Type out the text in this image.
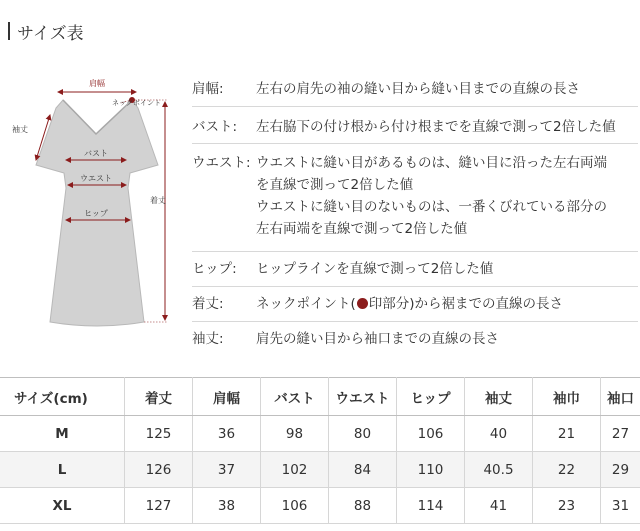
サイズ表
肩幅
ネックポイント
袖丈
着丈
バスト
ウエスト
ヒップ
肩幅: 左右の肩先の袖の縫い目から縫い目までの直線の長さ
バスト: 左右脇下の付け根から付け根までを直線で測って2倍した値
ウエスト: ウエストに縫い目があるものは、縫い目に沿った左右両端
を直線で測って2倍した値
ウエストに縫い目のないものは、一番くびれている部分の
左右両端を直線で測って2倍した値
ヒップ: ヒップラインを直線で測って2倍した値
着丈: ネックポイント( 印部分)から裾までの直線の長さ
袖丈: 肩先の縫い目から袖口までの直線の長さ
サイズ(cm)	着丈	肩幅	バスト	ウエスト	ヒップ	袖丈	袖巾	袖口
M	125	36	98	80	106	40	21	27
L	126	37	102	84	110	40.5	22	29
XL	127	38	106	88	114	41	23	31
